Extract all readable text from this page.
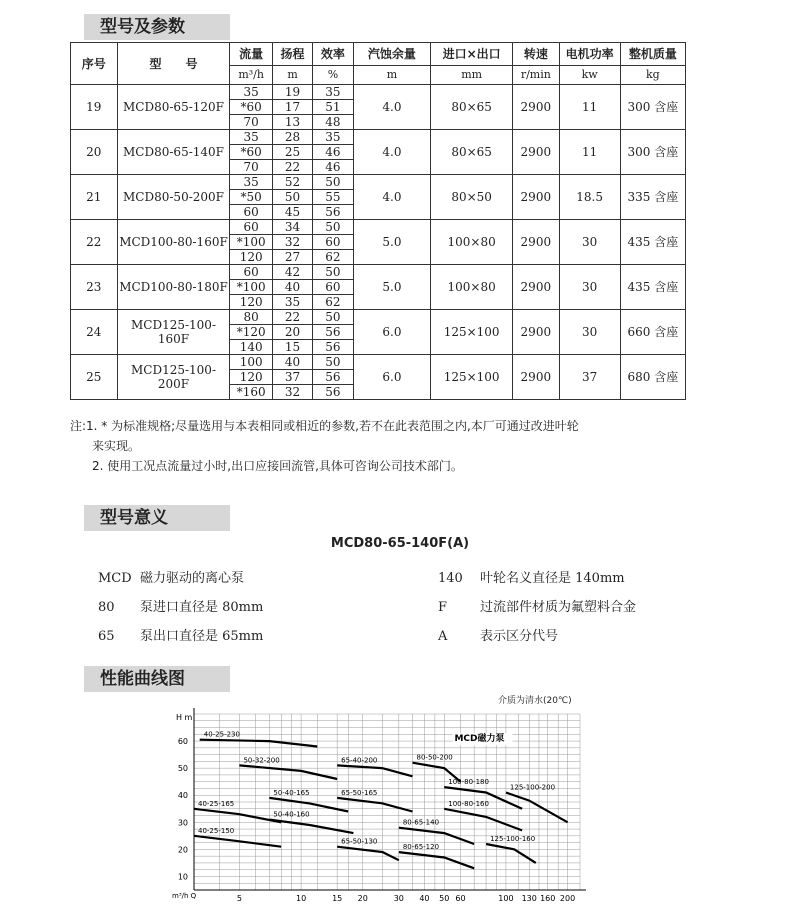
型号及参数
序号	型　　号	流量	扬程	效率	汽蚀余量	进口×出口	转速	电机功率	整机质量
		m³/h	m	%	m	mm	r/min	kw	kg
19	MCD80-65-120F	35	19	35	4.0	80×65	2900	11	300 含座
		*60	17	51					
		70	13	48					
20	MCD80-65-140F	35	28	35	4.0	80×65	2900	11	300 含座
		*60	25	46					
		70	22	46					
21	MCD80-50-200F	35	52	50	4.0	80×50	2900	18.5	335 含座
		*50	50	55					
		60	45	56					
22	MCD100-80-160F	60	34	50	5.0	100×80	2900	30	435 含座
		*100	32	60					
		120	27	62					
23	MCD100-80-180F	60	42	50	5.0	100×80	2900	30	435 含座
		*100	40	60					
		120	35	62					
24	MCD125-100-160F	80	22	50	6.0	125×100	2900	30	660 含座
		*120	20	56					
		140	15	56					
25	MCD125-100-200F	100	40	50	6.0	125×100	2900	37	680 含座
		120	37	56					
		*160	32	56					
注:1. * 为标准规格;尽量选用与本表相同或相近的参数,若不在此表范围之内,本厂可通过改进叶轮
来实现。
2. 使用工况点流量过小时,出口应接回流管,具体可咨询公司技术部门。
型号意义
MCD80-65-140F(A)
MCD 磁力驱动的离心泵
80 泵进口直径是 80mm
65 泵出口直径是 65mm
140 叶轮名义直径是 140mm
F	过流部件材质为氟塑料合金
A	表示区分代号
性能曲线图
介质为清水(20℃)
10
20
30
40
50
60
5	10	15 20	30 40 50 60	100 130 160 200
H m
m³/h Q
MCD磁力泵
40-25-230
50-32-200	65-40-200	80-50-200
100-80-180
125-100-200
50-40-165	65-50-165
40-25-165
50-40-160
80-65-140
100-80-160
40-25-150
65-50-130
80-65-120
125-100-160
